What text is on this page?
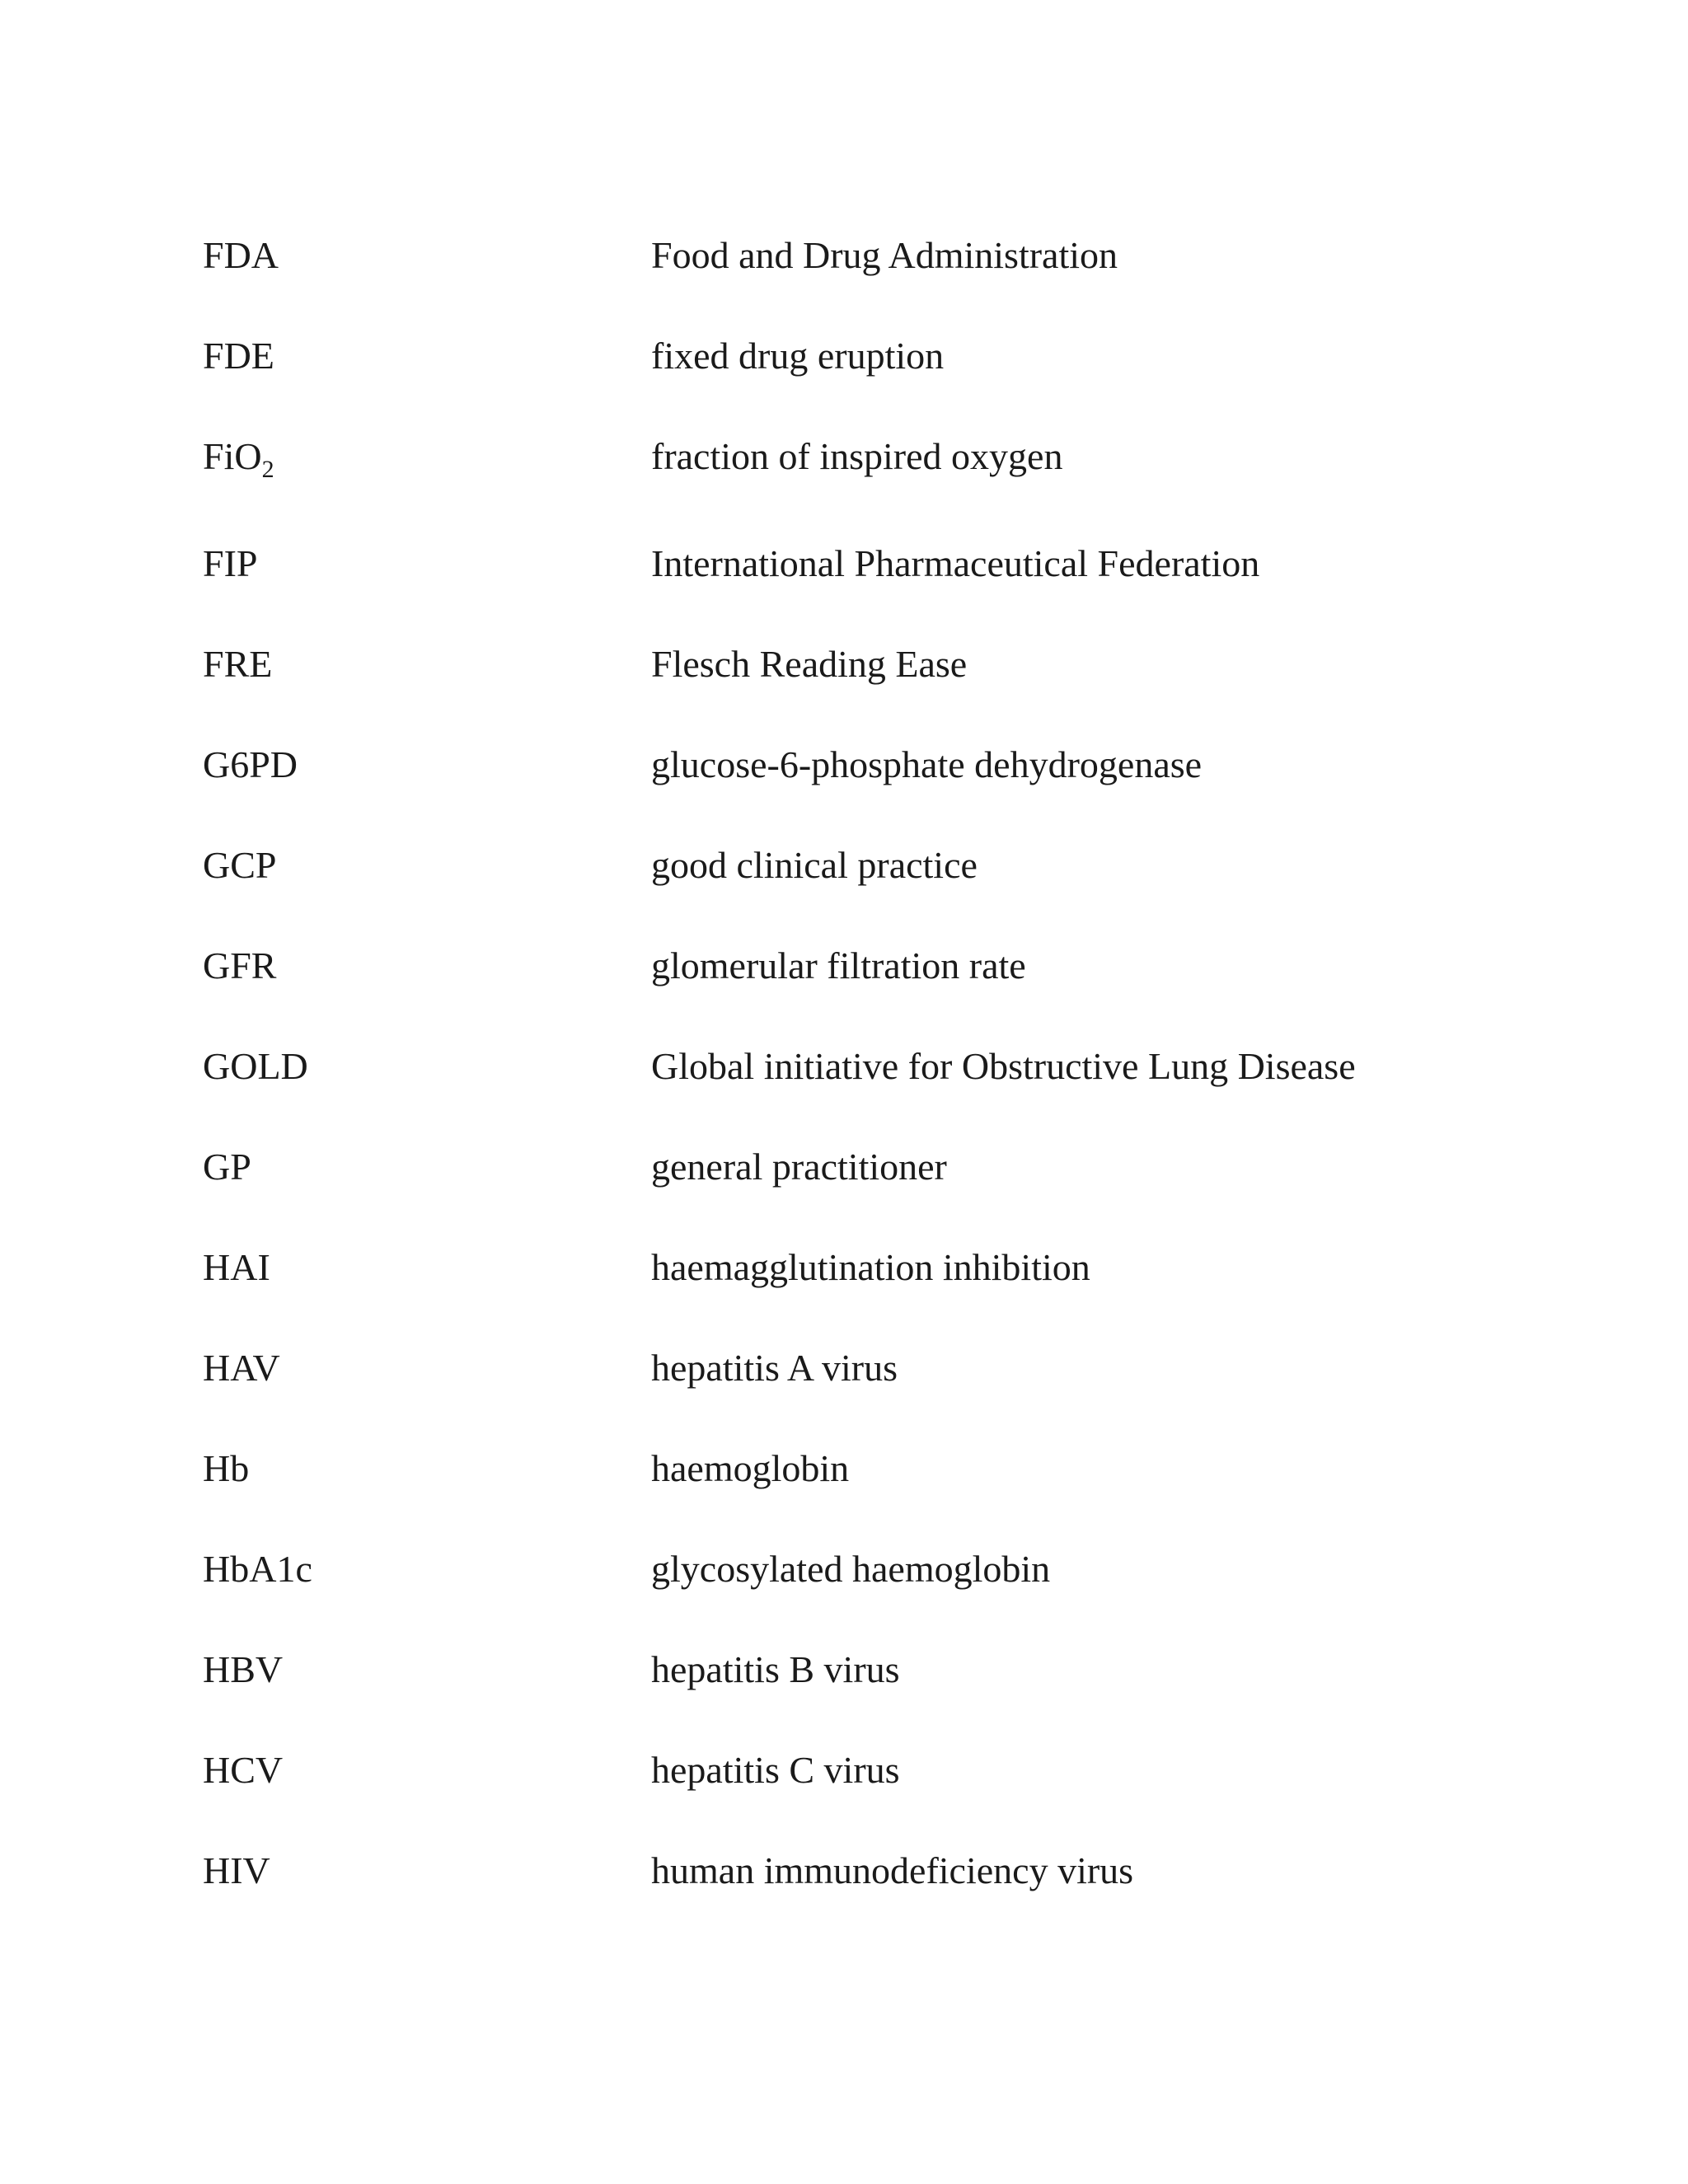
FDA	Food and Drug Administration
FDE	fixed drug eruption
FiO$_2$	fraction of inspired oxygen
FIP	International Pharmaceutical Federation
FRE	Flesch Reading Ease
G6PD	glucose-6-phosphate dehydrogenase
GCP	good clinical practice
GFR	glomerular filtration rate
GOLD	Global initiative for Obstructive Lung Disease
GP	general practitioner
HAI	haemagglutination inhibition
HAV	hepatitis A virus
Hb	haemoglobin
HbA1c	glycosylated haemoglobin
HBV	hepatitis B virus
HCV	hepatitis C virus
HIV	human immunodeficiency virus
